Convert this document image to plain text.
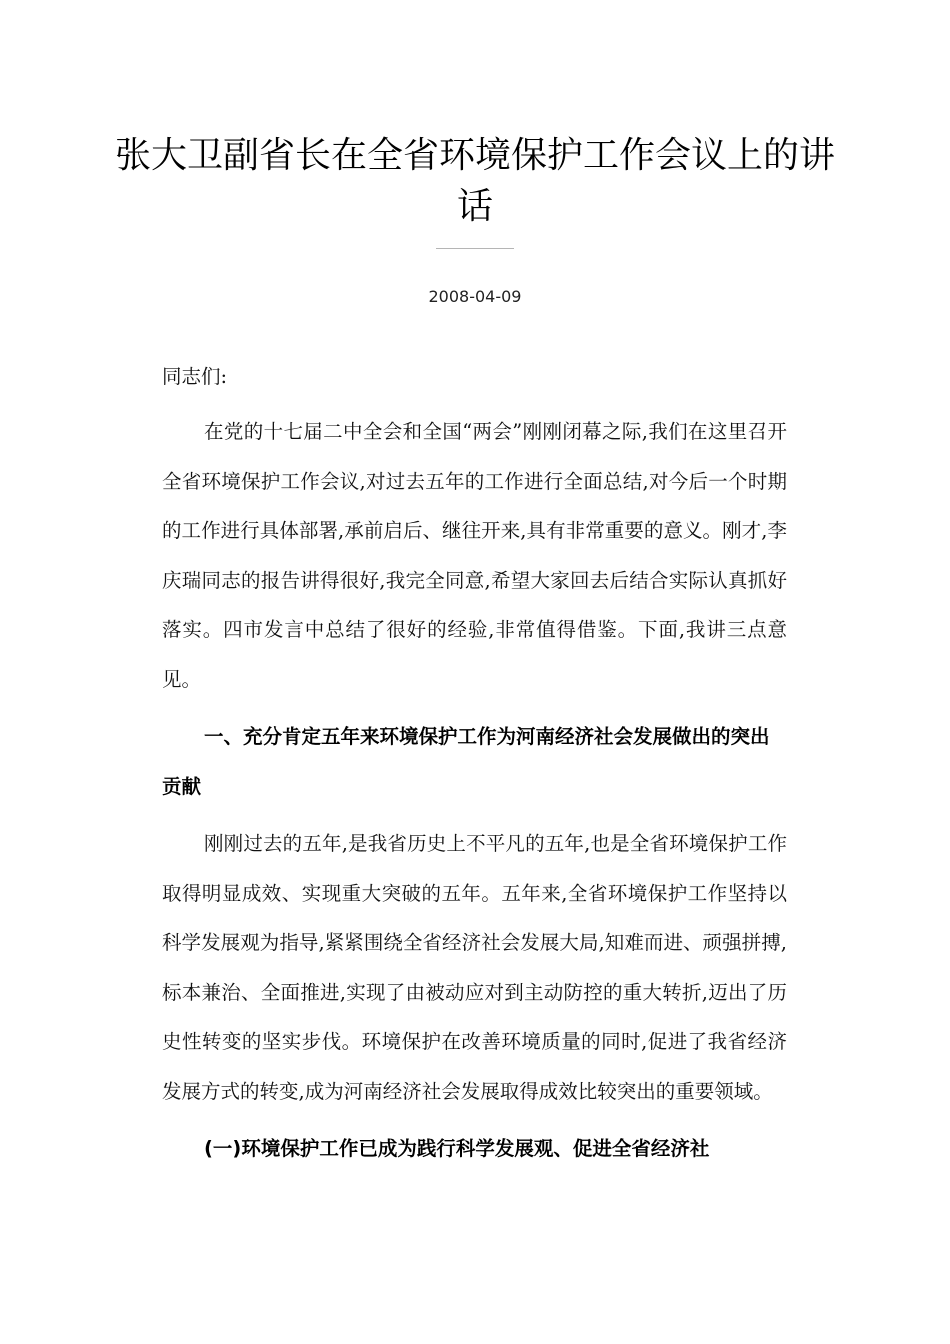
张大卫副省长在全省环境保护工作会议上的讲话
2008-04-09

同志们:

在党的十七届二中全会和全国“两会”刚刚闭幕之际,我们在这里召开全省环境保护工作会议,对过去五年的工作进行全面总结,对今后一个时期的工作进行具体部署,承前启后、继往开来,具有非常重要的意义。刚才,李庆瑞同志的报告讲得很好,我完全同意,希望大家回去后结合实际认真抓好落实。四市发言中总结了很好的经验,非常值得借鉴。下面,我讲三点意见。

一、充分肯定五年来环境保护工作为河南经济社会发展做出的突出贡献

刚刚过去的五年,是我省历史上不平凡的五年,也是全省环境保护工作取得明显成效、实现重大突破的五年。五年来,全省环境保护工作坚持以科学发展观为指导,紧紧围绕全省经济社会发展大局,知难而进、顽强拼搏,标本兼治、全面推进,实现了由被动应对到主动防控的重大转折,迈出了历史性转变的坚实步伐。环境保护在改善环境质量的同时,促进了我省经济发展方式的转变,成为河南经济社会发展取得成效比较突出的重要领域。

(一)环境保护工作已成为践行科学发展观、促进全省经济社
